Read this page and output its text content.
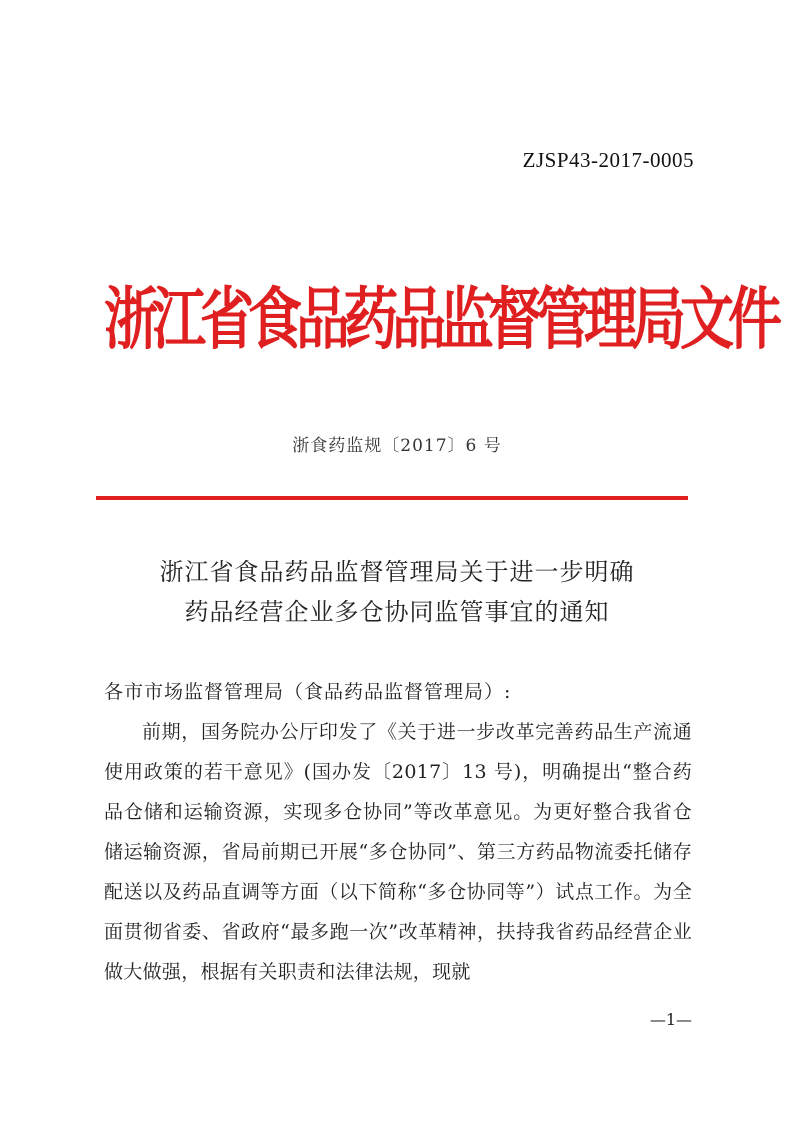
ZJSP43-2017-0005
浙江省食品药品监督管理局文件
浙食药监规〔2017〕6 号
浙江省食品药品监督管理局关于进一步明确
药品经营企业多仓协同监管事宜的通知

各市市场监督管理局（食品药品监督管理局）:

前期，国务院办公厅印发了《关于进一步改革完善药品生产流通使用政策的若干意见》(国办发〔2017〕13 号)，明确提出“整合药品仓储和运输资源，实现多仓协同”等改革意见。为更好整合我省仓储运输资源，省局前期已开展“多仓协同”、第三方药品物流委托储存配送以及药品直调等方面（以下简称“多仓协同等”）试点工作。为全面贯彻省委、省政府“最多跑一次”改革精神，扶持我省药品经营企业做大做强，根据有关职责和法律法规，现就

—1—
